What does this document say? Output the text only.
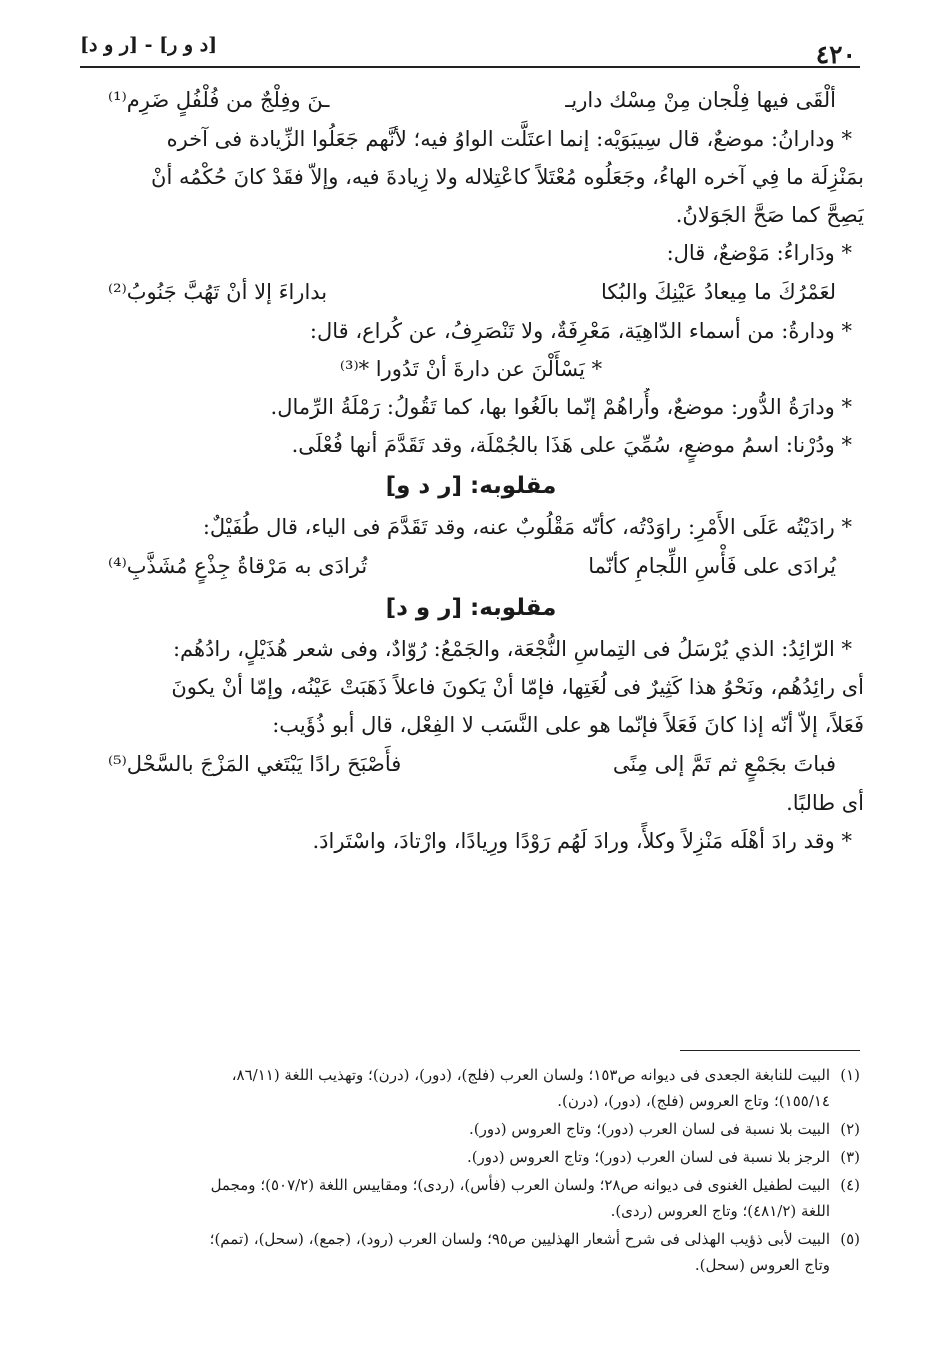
٤٢٠
[د و ر] - [ر و د]
ألْقَى فيها فِلْجان مِنْ مِسْك داريـ
ـنَ وفِلْجٌ من فُلْفُلٍ ضَرِم⁽¹⁾
* ودارانُ: موضعٌ، قال سِيبَوَيْه: إنما اعتَلَّت الواوُ فيه؛ لأنَّهم جَعَلُوا الزِّيادة فى آخره
بمَنْزِلَة ما فِي آخره الهاءُ، وجَعَلُوه مُعْتَلاً كاعْتِلاله ولا زِيادةَ فيه، وإلاّ فقَدْ كانَ حُكْمُه أنْ
يَصِحَّ كما صَحَّ الجَوَلانُ.
* ودَاراءُ: مَوْضعٌ، قال:
لعَمْرُكَ ما مِيعادُ عَيْنِكَ والبُكا
بداراءَ إلا أنْ تَهُبَّ جَنُوبُ⁽²⁾
* ودارةُ: من أسماء الدّاهِيَة، مَعْرِفَةٌ، ولا تَنْصَرِفُ، عن كُراع، قال:
* يَسْأَلْنَ عن دارةَ أنْ تَدُورا *⁽³⁾
* ودارَةُ الدُّور: موضعٌ، وأُراهُمْ إنّما بالَغُوا بها، كما تَقُولُ: رَمْلَةُ الرِّمال.
* ودُرْنا: اسمُ موضعٍ، سُمِّيَ على هَذَا بالجُمْلَة، وقد تَقَدَّمَ أنها فُعْلَى.
مقلوبه: [ر د و]
* رادَيْتُه عَلَى الأَمْرِ: راوَدْتُه، كأنّه مَقْلُوبٌ عنه، وقد تَقَدَّمَ فى الياء، قال طُفَيْلٌ:
يُرادَى على فَأْسِ اللِّجامِ كأنّما
تُرادَى به مَرْقاةُ جِذْعٍ مُشَذَّبِ⁽⁴⁾
مقلوبه: [ر و د]
* الرّائِدُ: الذي يُرْسَلُ فى التِماسِ النُّجْعَة، والجَمْعُ: رُوّادٌ، وفى شعر هُذَيْلٍ، رادُهُم:
أى رائِدُهُم، ونَحْوُ هذا كَثِيرٌ فى لُغَتِها، فإمّا أنْ يَكونَ فاعلاً ذَهَبَتْ عَيْنُه، وإمّا أنْ يكونَ
فَعَلاً، إلاّ أنّه إذا كانَ فَعَلاً فإنّما هو على النَّسَب لا الفِعْل، قال أبو ذُؤَيب:
فباتَ بجَمْعٍ ثم تَمَّ إلى مِنًى
فأَصْبَحَ رادًا يَبْتَغي المَزْجَ بالسَّحْل⁽⁵⁾
أى طالبًا.
* وقد رادَ أهْلَه مَنْزِلاً وكلأً، ورادَ لَهُم رَوْدًا ورِيادًا، وارْتادَ، واسْتَرادَ.
(١)البيت للنابغة الجعدى فى ديوانه ص١٥٣؛ ولسان العرب (فلج)، (دور)، (درن)؛ وتهذيب اللغة (٨٦/١١،
١٥٥/١٤)؛ وتاج العروس (فلج)، (دور)، (درن).
(٢)البيت بلا نسبة فى لسان العرب (دور)؛ وتاج العروس (دور).
(٣)الرجز بلا نسبة فى لسان العرب (دور)؛ وتاج العروس (دور).
(٤)البيت لطفيل الغنوى فى ديوانه ص٢٨؛ ولسان العرب (فأس)، (ردى)؛ ومقاييس اللغة (٥٠٧/٢)؛ ومجمل
اللغة (٤٨١/٢)؛ وتاج العروس (ردى).
(٥)البيت لأبى ذؤيب الهذلى فى شرح أشعار الهذليين ص٩٥؛ ولسان العرب (رود)، (جمع)، (سحل)، (تمم)؛
وتاج العروس (سحل).
